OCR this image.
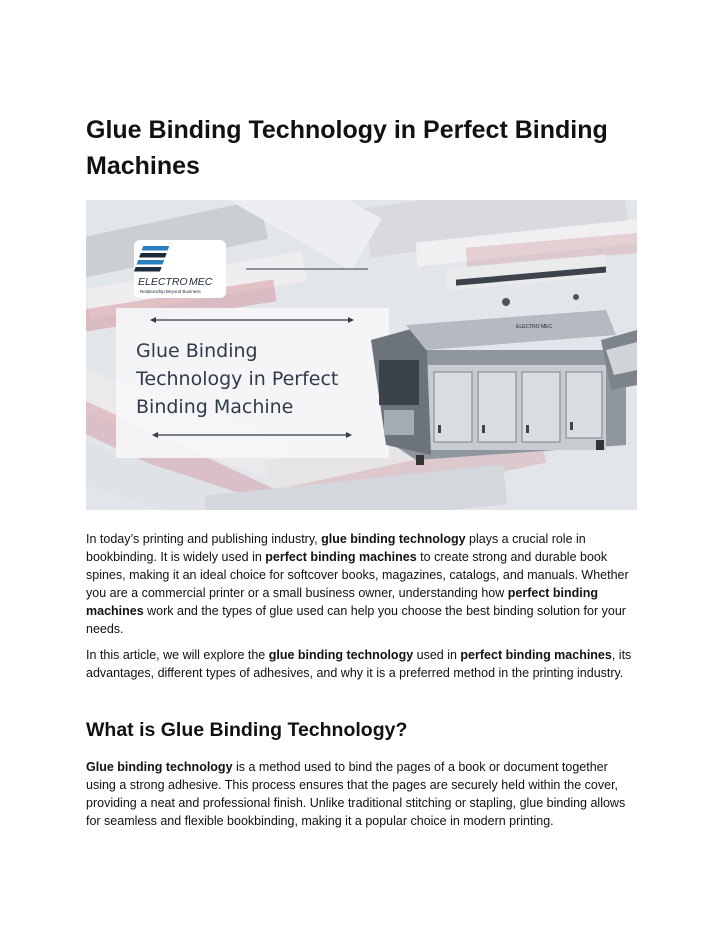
Glue Binding Technology in Perfect Binding Machines
ELECTRO MEC
Relationship Beyond Business
Glue Binding
Technology in Perfect
Binding Machine
ELECTRO MEC

In today’s printing and publishing industry, glue binding technology plays a crucial role in bookbinding. It is widely used in perfect binding machines to create strong and durable book spines, making it an ideal choice for softcover books, magazines, catalogs, and manuals. Whether you are a commercial printer or a small business owner, understanding how perfect binding machines work and the types of glue used can help you choose the best binding solution for your needs.

In this article, we will explore the glue binding technology used in perfect binding machines, its advantages, different types of adhesives, and why it is a preferred method in the printing industry.

What is Glue Binding Technology?

Glue binding technology is a method used to bind the pages of a book or document together using a strong adhesive. This process ensures that the pages are securely held within the cover, providing a neat and professional finish. Unlike traditional stitching or stapling, glue binding allows for seamless and flexible bookbinding, making it a popular choice in modern printing.
